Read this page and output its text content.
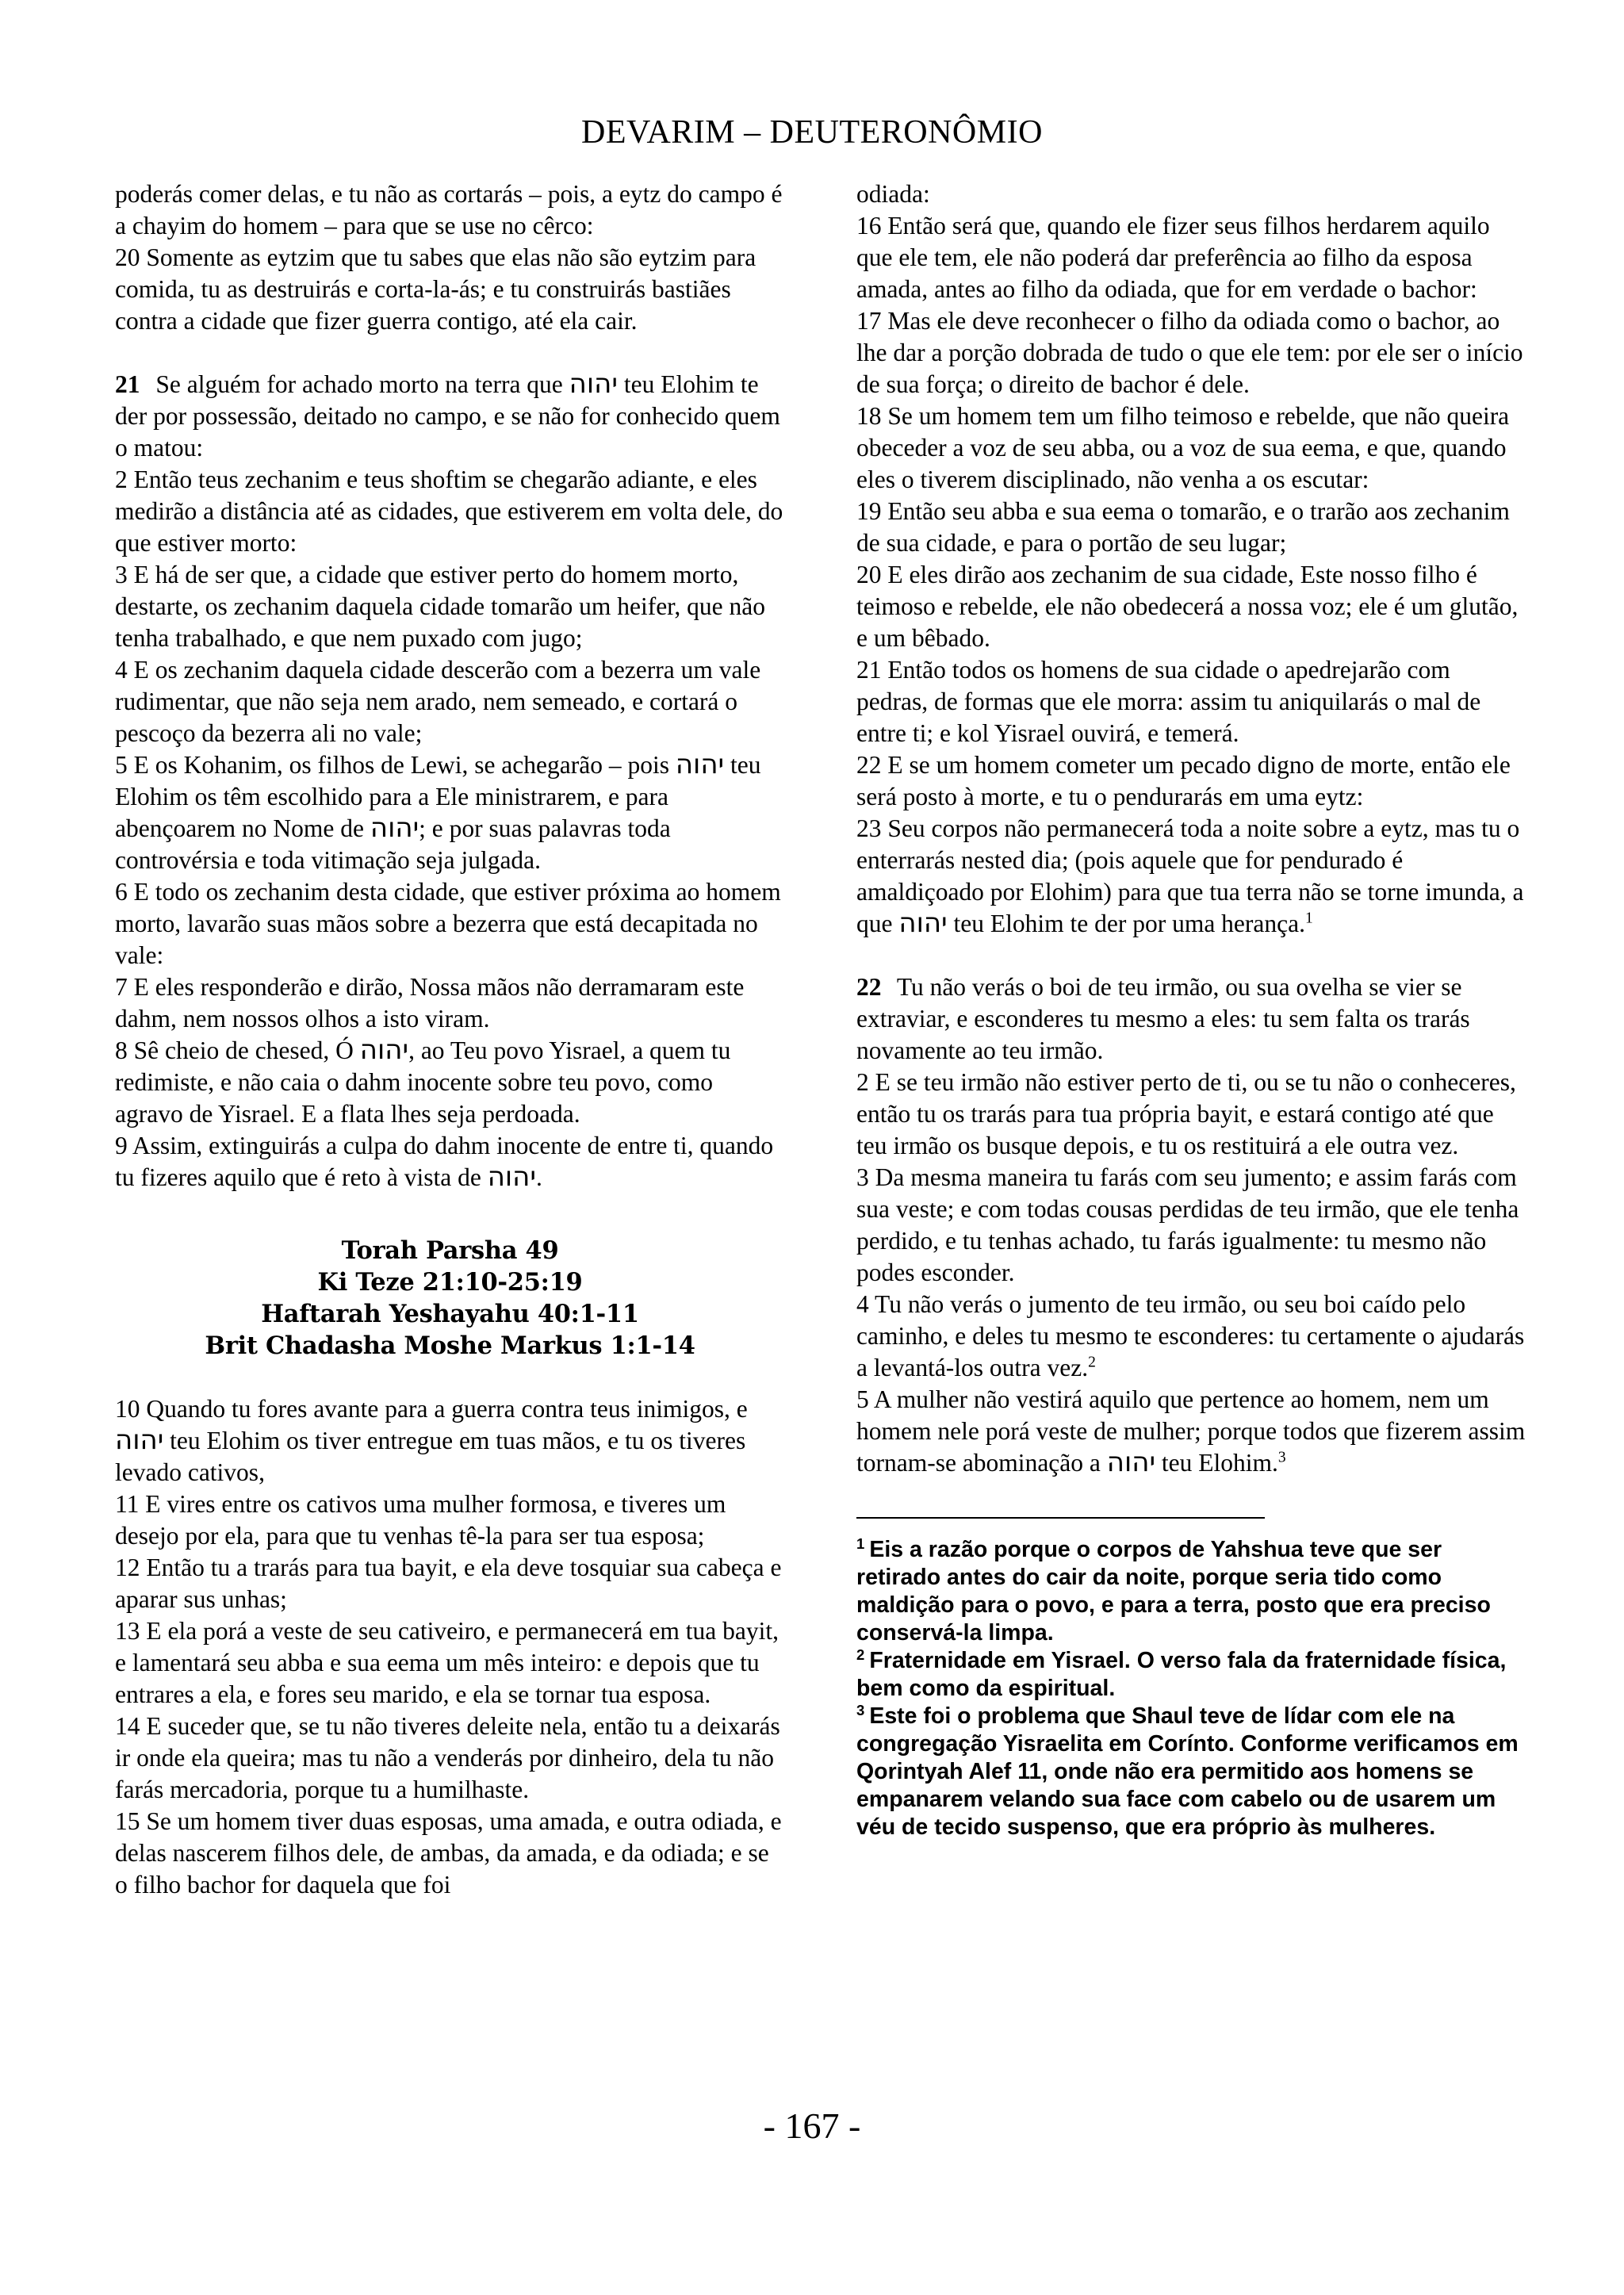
DEVARIM – DEUTERONÔMIO

poderás comer delas, e tu não as cortarás – pois, a eytz do campo é a chayim do homem – para que se use no cêrco:

20 Somente as eytzim que tu sabes que elas não são eytzim para comida, tu as destruirás e corta-la-ás; e tu construirás bastiães contra a cidade que fizer guerra contigo, até ela cair.

21 Se alguém for achado morto na terra que יהוה teu Elohim te der por possessão, deitado no campo, e se não for conhecido quem o matou:

2 Então teus zechanim e teus shoftim se chegarão adiante, e eles medirão a distância até as cidades, que estiverem em volta dele, do que estiver morto:

3 E há de ser que, a cidade que estiver perto do homem morto, destarte, os zechanim daquela cidade tomarão um heifer, que não tenha trabalhado, e que nem puxado com jugo;

4 E os zechanim daquela cidade descerão com a bezerra um vale rudimentar, que não seja nem arado, nem semeado, e cortará o pescoço da bezerra ali no vale;

5 E os Kohanim, os filhos de Lewi, se achegarão – pois יהוה teu Elohim os têm escolhido para a Ele ministrarem, e para abençoarem no Nome de יהוה; e por suas palavras toda controvérsia e toda vitimação seja julgada.

6 E todo os zechanim desta cidade, que estiver próxima ao homem morto, lavarão suas mãos sobre a bezerra que está decapitada no vale:

7 E eles responderão e dirão, Nossa mãos não derramaram este dahm, nem nossos olhos a isto viram.

8 Sê cheio de chesed, Ó יהוה, ao Teu povo Yisrael, a quem tu redimiste, e não caia o dahm inocente sobre teu povo, como agravo de Yisrael. E a flata lhes seja perdoada.

9 Assim, extinguirás a culpa do dahm inocente de entre ti, quando tu fizeres aquilo que é reto à vista de יהוה.

Torah Parsha 49
Ki Teze 21:10-25:19
Haftarah Yeshayahu 40:1-11
Brit Chadasha Moshe Markus 1:1-14

10 Quando tu fores avante para a guerra contra teus inimigos, e יהוה teu Elohim os tiver entregue em tuas mãos, e tu os tiveres levado cativos,

11 E vires entre os cativos uma mulher formosa, e tiveres um desejo por ela, para que tu venhas tê-la para ser tua esposa;

12 Então tu a trarás para tua bayit, e ela deve tosquiar sua cabeça e aparar sus unhas;

13 E ela porá a veste de seu cativeiro, e permanecerá em tua bayit, e lamentará seu abba e sua eema um mês inteiro: e depois que tu entrares a ela, e fores seu marido, e ela se tornar tua esposa.

14 E suceder que, se tu não tiveres deleite nela, então tu a deixarás ir onde ela queira; mas tu não a venderás por dinheiro, dela tu não farás mercadoria, porque tu a humilhaste.

15 Se um homem tiver duas esposas, uma amada, e outra odiada, e delas nascerem filhos dele, de ambas, da amada, e da odiada; e se o filho bachor for daquela que foi

odiada:

16 Então será que, quando ele fizer seus filhos herdarem aquilo que ele tem, ele não poderá dar preferência ao filho da esposa amada, antes ao filho da odiada, que for em verdade o bachor:

17 Mas ele deve reconhecer o filho da odiada como o bachor, ao lhe dar a porção dobrada de tudo o que ele tem: por ele ser o início de sua força; o direito de bachor é dele.

18 Se um homem tem um filho teimoso e rebelde, que não queira obeceder a voz de seu abba, ou a voz de sua eema, e que, quando eles o tiverem disciplinado, não venha a os escutar:

19 Então seu abba e sua eema o tomarão, e o trarão aos zechanim de sua cidade, e para o portão de seu lugar;

20 E eles dirão aos zechanim de sua cidade, Este nosso filho é teimoso e rebelde, ele não obedecerá a nossa voz; ele é um glutão, e um bêbado.

21 Então todos os homens de sua cidade o apedrejarão com pedras, de formas que ele morra: assim tu aniquilarás o mal de entre ti; e kol Yisrael ouvirá, e temerá.

22 E se um homem cometer um pecado digno de morte, então ele será posto à morte, e tu o pendurarás em uma eytz:

23 Seu corpos não permanecerá toda a noite sobre a eytz, mas tu o enterrarás nested dia; (pois aquele que for pendurado é amaldiçoado por Elohim) para que tua terra não se torne imunda, a que יהוה teu Elohim te der por uma herança.$^1$

22 Tu não verás o boi de teu irmão, ou sua ovelha se vier se extraviar, e esconderes tu mesmo a eles: tu sem falta os trarás novamente ao teu irmão.

2 E se teu irmão não estiver perto de ti, ou se tu não o conheceres, então tu os trarás para tua própria bayit, e estará contigo até que teu irmão os busque depois, e tu os restituirá a ele outra vez.

3 Da mesma maneira tu farás com seu jumento; e assim farás com sua veste; e com todas cousas perdidas de teu irmão, que ele tenha perdido, e tu tenhas achado, tu farás igualmente: tu mesmo não podes esconder.

4 Tu não verás o jumento de teu irmão, ou seu boi caído pelo caminho, e deles tu mesmo te esconderes: tu certamente o ajudarás a levantá-los outra vez.$^2$

5 A mulher não vestirá aquilo que pertence ao homem, nem um homem nele porá veste de mulher; porque todos que fizerem assim tornam-se abominação a יהוה teu Elohim.$^3$

$^1$ Eis a razão porque o corpos de Yahshua teve que ser retirado antes do cair da noite, porque seria tido como maldição para o povo, e para a terra, posto que era preciso conservá-la limpa.

$^2$ Fraternidade em Yisrael. O verso fala da fraternidade física, bem como da espiritual.

$^3$ Este foi o problema que Shaul teve de lídar com ele na congregação Yisraelita em Coríntо. Conforme verificamos em Qorintyah Alef 11, onde não era permitido aos homens se empanarem velando sua face com cabelo ou de usarem um véu de tecido suspenso, que era próprio às mulheres.

- 167 -
